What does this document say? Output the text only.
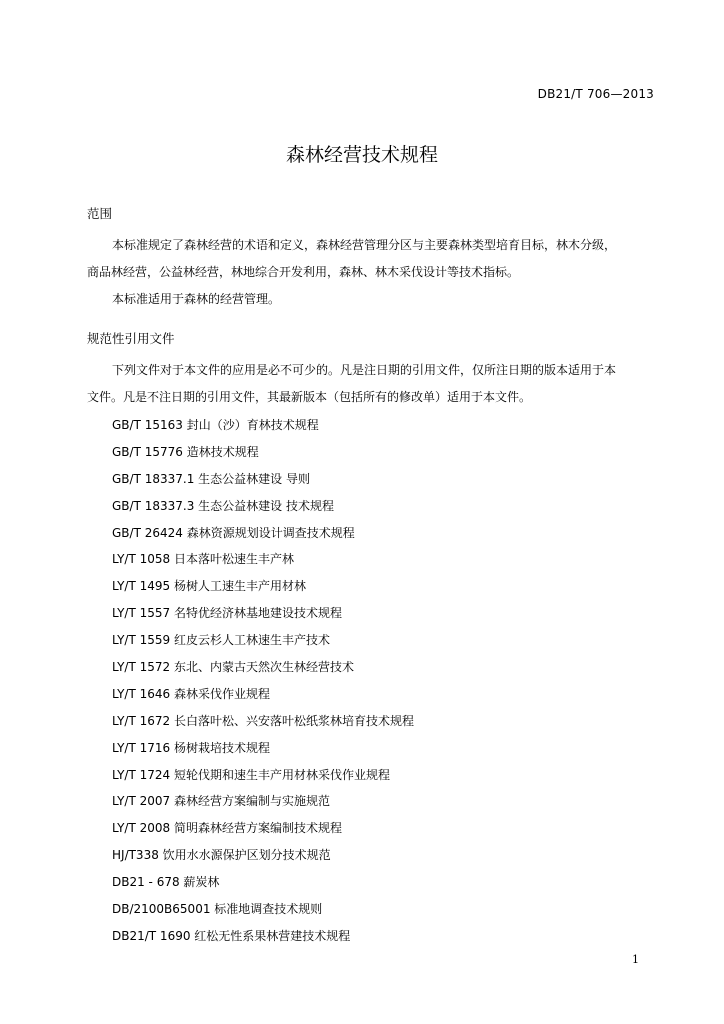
DB21/T 706—2013
森林经营技术规程
范围
本标准规定了森林经营的术语和定义，森林经营管理分区与主要森林类型培育目标，林木分级，
商品林经营，公益林经营，林地综合开发利用，森林、林木采伐设计等技术指标。
本标准适用于森林的经营管理。
规范性引用文件
下列文件对于本文件的应用是必不可少的。凡是注日期的引用文件，仅所注日期的版本适用于本
文件。凡是不注日期的引用文件，其最新版本（包括所有的修改单）适用于本文件。
GB/T 15163 封山（沙）育林技术规程
GB/T 15776 造林技术规程
GB/T 18337.1 生态公益林建设 导则
GB/T 18337.3 生态公益林建设 技术规程
GB/T 26424 森林资源规划设计调查技术规程
LY/T 1058 日本落叶松速生丰产林
LY/T 1495 杨树人工速生丰产用材林
LY/T 1557 名特优经济林基地建设技术规程
LY/T 1559 红皮云杉人工林速生丰产技术
LY/T 1572 东北、内蒙古天然次生林经营技术
LY/T 1646 森林采伐作业规程
LY/T 1672 长白落叶松、兴安落叶松纸浆林培育技术规程
LY/T 1716 杨树栽培技术规程
LY/T 1724 短轮伐期和速生丰产用材林采伐作业规程
LY/T 2007 森林经营方案编制与实施规范
LY/T 2008 简明森林经营方案编制技术规程
HJ/T338 饮用水水源保护区划分技术规范
DB21 - 678 薪炭林
DB/2100B65001 标准地调查技术规则
DB21/T 1690 红松无性系果林营建技术规程
1
